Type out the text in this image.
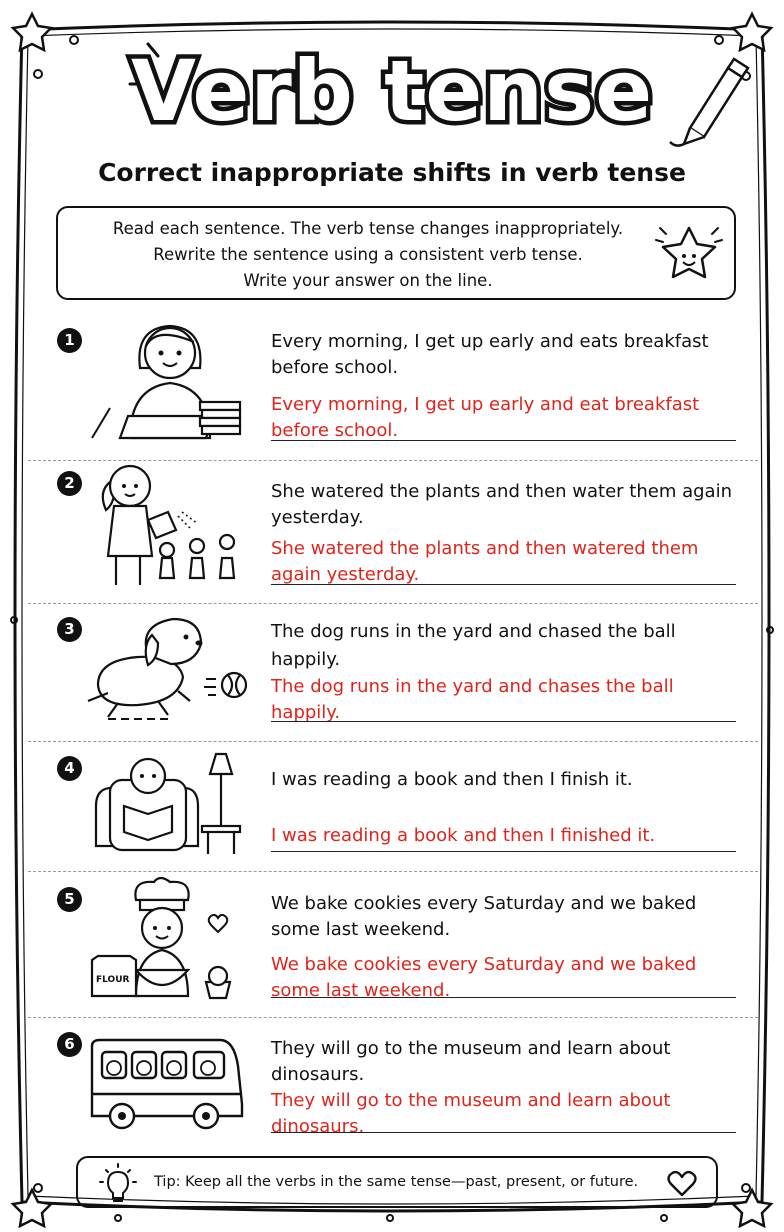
Verb tense
Correct inappropriate shifts in verb tense
Read each sentence. The verb tense changes inappropriately.
Rewrite the sentence using a consistent verb tense.
Write your answer on the line.
1	Every morning, I get up early and eats breakfast
before school.
Every morning, I get up early and eat breakfast
before school.
2	She watered the plants and then water them again
yesterday.
She watered the plants and then watered them
again yesterday.
3	The dog runs in the yard and chased the ball
happily.
The dog runs in the yard and chases the ball
happily.
4
I was reading a book and then I finish it.
I was reading a book and then I finished it.
5
FLOUR
We bake cookies every Saturday and we baked
some last weekend.
We bake cookies every Saturday and we baked
some last weekend.
6	They will go to the museum and learn about
dinosaurs.
They will go to the museum and learn about
dinosaurs.
Tip: Keep all the verbs in the same tense—past, present, or future.
